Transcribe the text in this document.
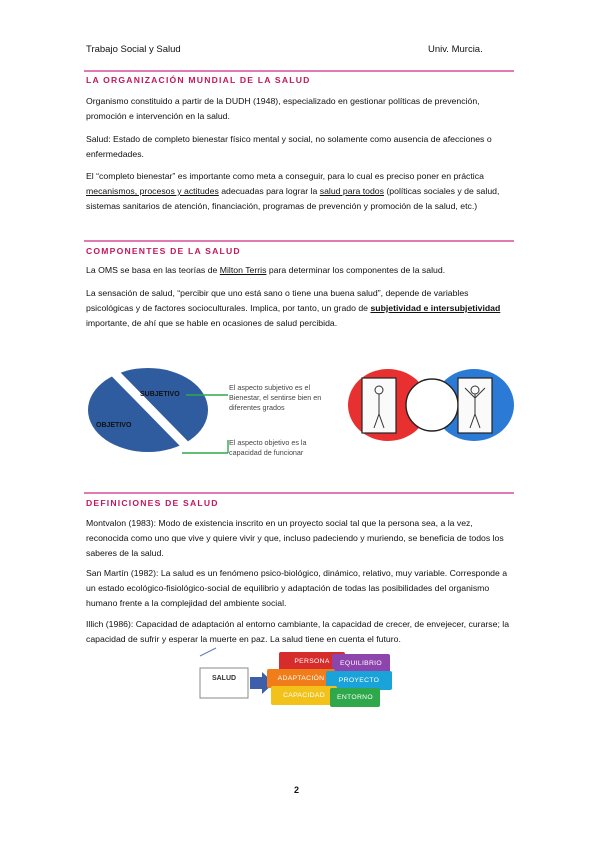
Trabajo Social y Salud	Univ. Murcia.
LA ORGANIZACIÓN MUNDIAL DE LA SALUD
Organismo constituido a partir de la DUDH (1948), especializado en gestionar políticas de prevención, promoción e intervención en la salud.
Salud: Estado de completo bienestar físico mental y social, no solamente como ausencia de afecciones o enfermedades.
El “completo bienestar” es importante como meta a conseguir, para lo cual es preciso poner en práctica mecanismos, procesos y actitudes adecuadas para lograr la salud para todos (políticas sociales y de salud, sistemas sanitarios de atención, financiación, programas de prevención y promoción de la salud, etc.)
COMPONENTES DE LA SALUD
La OMS se basa en las teorías de Milton Terris para determinar los componentes de la salud.
La sensación de salud, “percibir que uno está sano o tiene una buena salud”, depende de variables psicológicas y de factores socioculturales. Implica, por tanto, un grado de subjetividad e intersubjetividad importante, de ahí que se hable en ocasiones de salud percibida.
SUBJETIVO
OBJETIVO
El aspecto subjetivo es el Bienestar, el sentirse bien en diferentes grados
El aspecto objetivo es la capacidad de funcionar
DEFINICIONES DE SALUD
Montvalon (1983): Modo de existencia inscrito en un proyecto social tal que la persona sea, a la vez, reconocida como uno que vive y quiere vivir y que, incluso padeciendo y muriendo, se beneficia de todos los saberes de la salud.
San Martín (1982): La salud es un fenómeno psico-biológico, dinámico, relativo, muy variable. Corresponde a un estado ecológico-fisiológico-social de equilibrio y adaptación de todas las posibilidades del organismo humano frente a la complejidad del ambiente social.
Illich (1986): Capacidad de adaptación al entorno cambiante, la capacidad de crecer, de envejecer, curarse; la capacidad de sufrir y esperar la muerte en paz. La salud tiene en cuenta el futuro.
SALUD
PERSONA	EQUILIBRIO
ADAPTACIÓN	PROYECTO
CAPACIDAD	ENTORNO
2
